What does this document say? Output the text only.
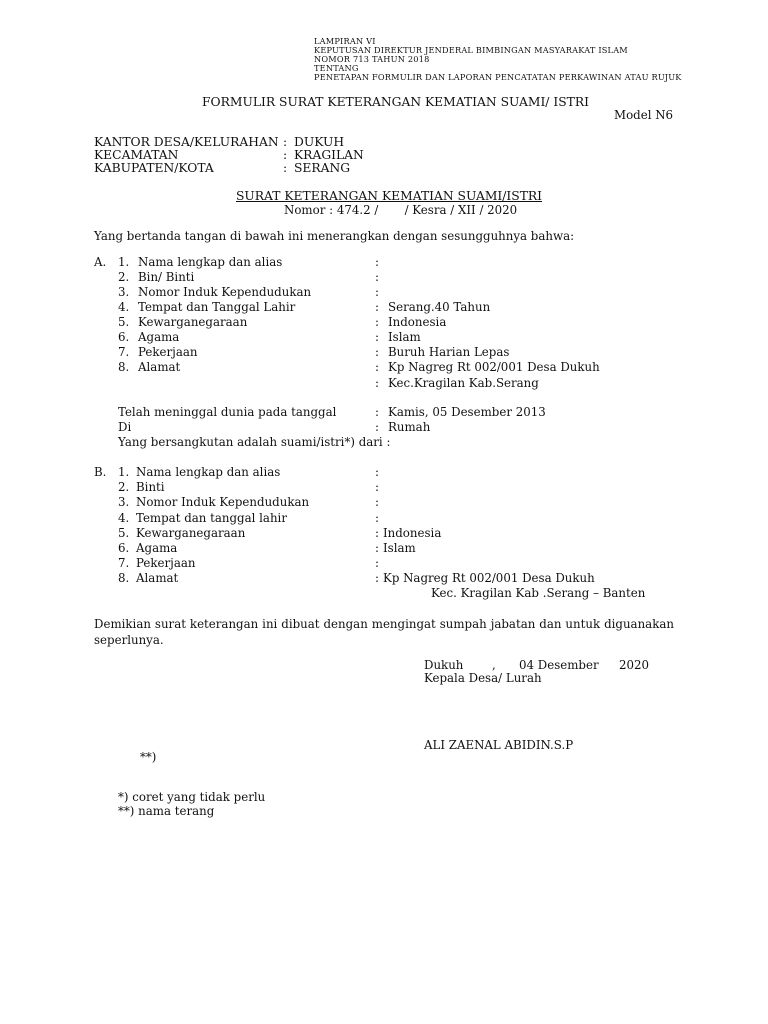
LAMPIRAN VI
KEPUTUSAN DIREKTUR JENDERAL BIMBINGAN MASYARAKAT ISLAM
NOMOR 713 TAHUN 2018
TENTANG
PENETAPAN FORMULIR DAN LAPORAN PENCATATAN PERKAWINAN ATAU RUJUK
FORMULIR SURAT KETERANGAN KEMATIAN SUAMI/ ISTRI
Model N6
KANTOR DESA/KELURAHAN : DUKUH
KECAMATAN	: KRAGILAN
KABUPATEN/KOTA	: SERANG
SURAT KETERANGAN KEMATIAN SUAMI/ISTRI
Nomor : 474.2 /       / Kesra / XII / 2020
Yang bertanda tangan di bawah ini menerangkan dengan sesungguhnya bahwa:
A. 1. Nama lengkap dan alias	:
2. Bin/ Binti	:
3. Nomor Induk Kependudukan	:
4. Tempat dan Tanggal Lahir	: Serang.40 Tahun
5. Kewarganegaraan	: Indonesia
6. Agama	: Islam
7. Pekerjaan	: Buruh Harian Lepas
8. Alamat	: Kp Nagreg Rt 002/001 Desa Dukuh
: Kec.Kragilan Kab.Serang
Telah meninggal dunia pada tanggal	: Kamis, 05 Desember 2013
Di	: Rumah
Yang bersangkutan adalah suami/istri*) dari :
B. 1. Nama lengkap dan alias	:
2. Binti	:
3. Nomor Induk Kependudukan	:
4. Tempat dan tanggal lahir	:
5. Kewarganegaraan	: Indonesia
6. Agama	: Islam
7. Pekerjaan	:
8. Alamat	: Kp Nagreg Rt 002/001 Desa Dukuh
Kec. Kragilan Kab .Serang – Banten
Demikian surat keterangan ini dibuat dengan mengingat sumpah jabatan dan untuk diguanakan seperlunya.
Dukuh , 04 Desember 2020
Kepala Desa/ Lurah
ALI ZAENAL ABIDIN.S.P
**)
*) coret yang tidak perlu
**) nama terang
